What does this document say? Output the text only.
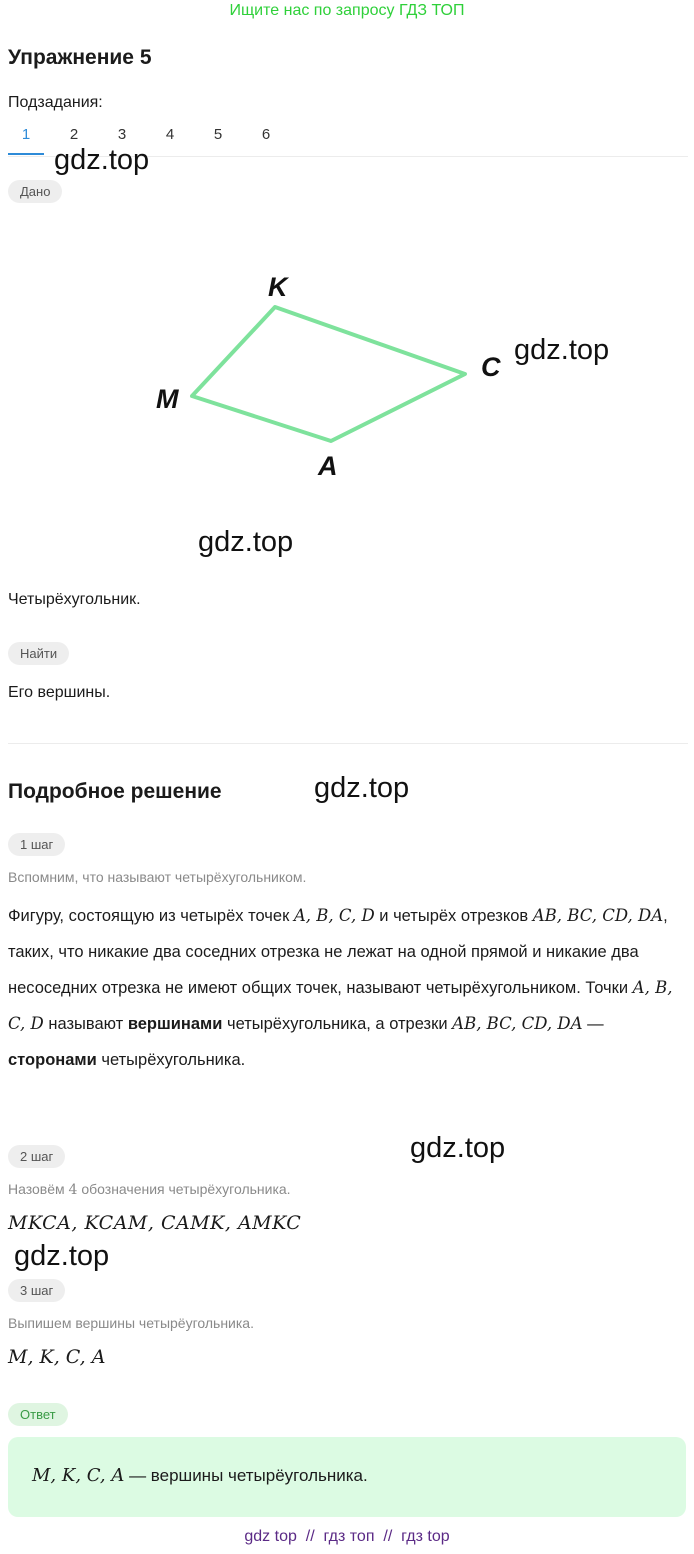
Ищите нас по запросу ГДЗ ТОП
Упражнение 5
Подзадания:
1	2	3	4	5	6
gdz.top
gdz.top
gdz.top
gdz.top
gdz.top
gdz.top
Дано
K
C
A
M
Четырёхугольник.
Найти
Его вершины.
Подробное решение
1 шаг
Вспомним, что называют четырёхугольником.
Фигуру, состоящую из четырёх точек A, B, C, D и четырёх отрезков AB, BC, CD, DA, таких, что никакие два соседних отрезка не лежат на одной прямой и никакие два несоседних отрезка не имеют общих точек, называют четырёхугольником. Точки A, B, C, D называют вершинами четырёхугольника, а отрезки AB, BC, CD, DA — сторонами четырёхугольника.
2 шаг
Назовём 4 обозначения четырёхугольника.
MKCA, KCAM, CAMK, AMKC
3 шаг
Выпишем вершины четырёугольника.
M, K, C, A
Ответ
M, K, C, A — вершины четырёугольника.
gdz top  //  гдз топ  //  гдз top
